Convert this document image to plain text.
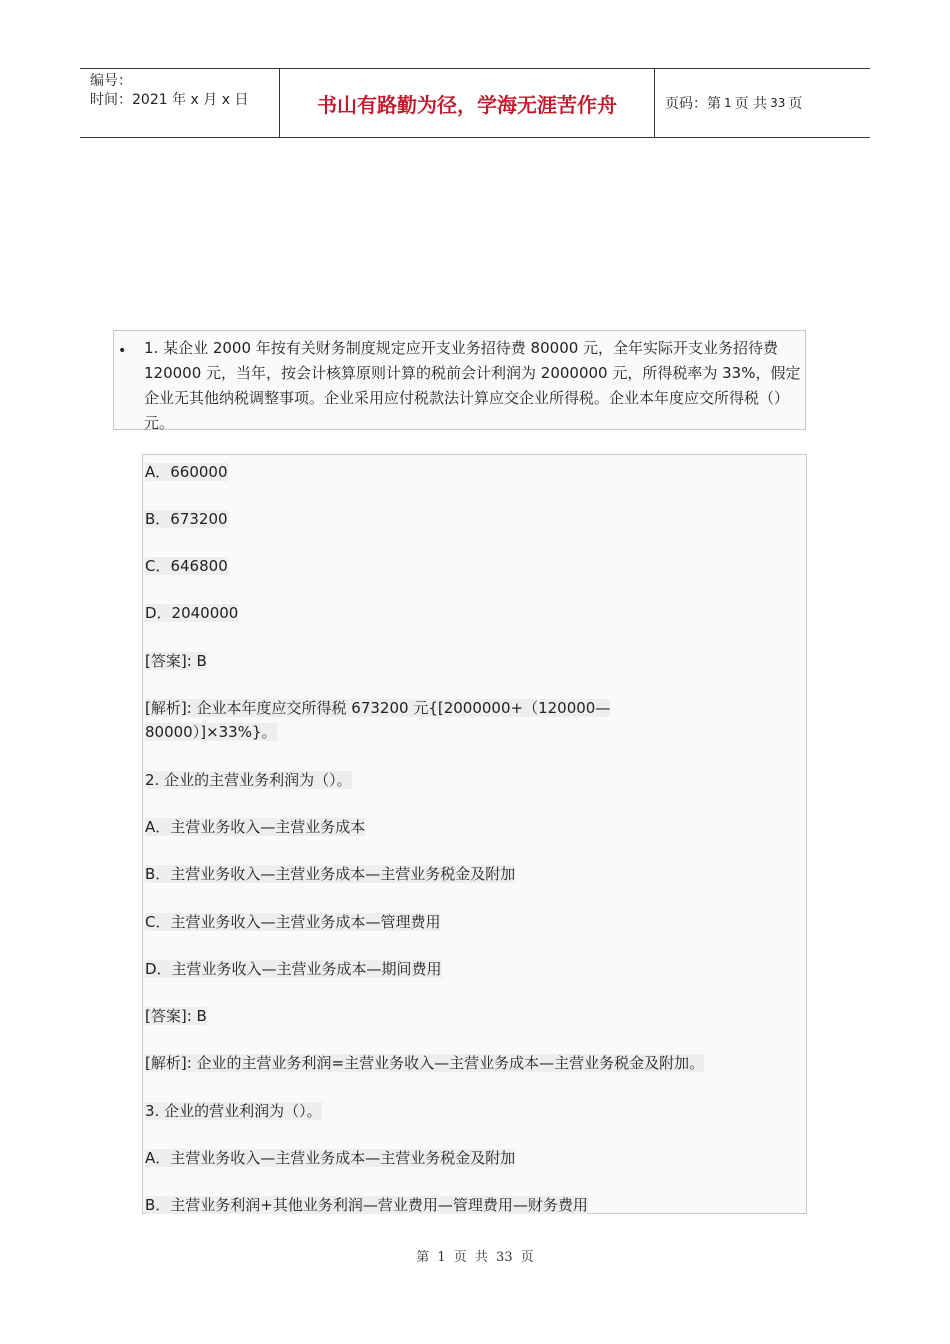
编号：
时间：2021 年 x 月 x 日	书山有路勤为径，学海无涯苦作舟	页码：第 1 页 共 33 页
• 1. 某企业 2000 年按有关财务制度规定应开支业务招待费 80000 元，全年实际开支业务招待费 120000 元，当年，按会计核算原则计算的税前会计利润为 2000000 元，所得税率为 33%，假定企业无其他纳税调整事项。企业采用应付税款法计算应交企业所得税。企业本年度应交所得税（）元。
A．660000
B．673200
C．646800
D．2040000
[答案]: B
[解析]: 企业本年度应交所得税 673200 元{[2000000+（120000—
80000）]×33%}。
2. 企业的主营业务利润为（）。
A．主营业务收入—主营业务成本
B．主营业务收入—主营业务成本—主营业务税金及附加
C．主营业务收入—主营业务成本—管理费用
D．主营业务收入—主营业务成本—期间费用
[答案]: B
[解析]: 企业的主营业务利润=主营业务收入—主营业务成本—主营业务税金及附加。
3. 企业的营业利润为（）。
A．主营业务收入—主营业务成本—主营业务税金及附加
B．主营业务利润+其他业务利润—营业费用—管理费用—财务费用
第 1 页 共 33 页
